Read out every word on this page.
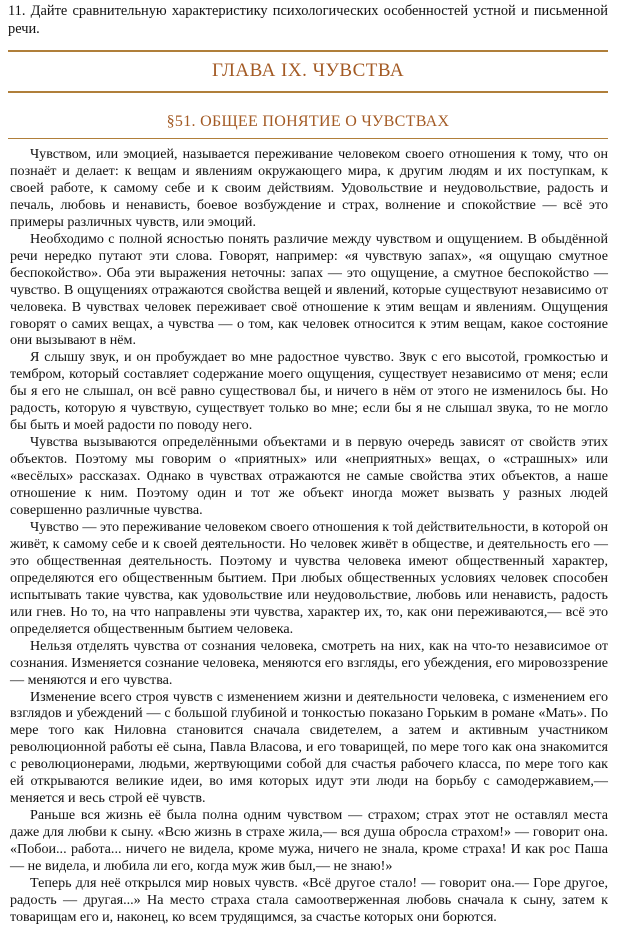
11. Дайте сравнительную характеристику психологических особенностей устной и письменной речи.
ГЛАВА IX. ЧУВСТВА
§51. ОБЩЕЕ ПОНЯТИЕ О ЧУВСТВАХ

Чувством, или эмоцией, называется переживание человеком своего отношения к тому, что он познаёт и делает: к вещам и явлениям окружающего мира, к другим людям и их поступкам, к своей работе, к самому себе и к своим действиям. Удовольствие и неудовольствие, радость и печаль, любовь и ненависть, боевое возбуждение и страх, волнение и спокойствие — всё это примеры различных чувств, или эмоций.

Необходимо с полной ясностью понять различие между чувством и ощущением. В обыдённой речи нередко путают эти слова. Говорят, например: «я чувствую запах», «я ощущаю смутное беспокойство». Оба эти выражения неточны: запах — это ощущение, а смутное беспокойство — чувство. В ощущениях отражаются свойства вещей и явлений, которые существуют независимо от человека. В чувствах человек переживает своё отношение к этим вещам и явлениям. Ощущения говорят о самих вещах, а чувства — о том, как человек относится к этим вещам, какое состояние они вызывают в нём.

Я слышу звук, и он пробуждает во мне радостное чувство. Звук с его высотой, громкостью и тембром, который составляет содержание моего ощущения, существует независимо от меня; если бы я его не слышал, он всё равно существовал бы, и ничего в нём от этого не изменилось бы. Но радость, которую я чувствую, существует только во мне; если бы я не слышал звука, то не могло бы быть и моей радости по поводу него.

Чувства вызываются определёнными объектами и в первую очередь зависят от свойств этих объектов. Поэтому мы говорим о «приятных» или «неприятных» вещах, о «страшных» или «весёлых» рассказах. Однако в чувствах отражаются не самые свойства этих объектов, а наше отношение к ним. Поэтому один и тот же объект иногда может вызвать у разных людей совершенно различные чувства.

Чувство — это переживание человеком своего отношения к той действительности, в которой он живёт, к самому себе и к своей деятельности. Но человек живёт в обществе, и деятельность его — это общественная деятельность. Поэтому и чувства человека имеют общественный характер, определяются его общественным бытием. При любых общественных условиях человек способен испытывать такие чувства, как удовольствие или неудовольствие, любовь или ненависть, радость или гнев. Но то, на что направлены эти чувства, характер их, то, как они переживаются,— всё это определяется общественным бытием человека.

Нельзя отделять чувства от сознания человека, смотреть на них, как на что-то независимое от сознания. Изменяется сознание человека, меняются его взгляды, его убеждения, его мировоззрение — меняются и его чувства.

Изменение всего строя чувств с изменением жизни и деятельности человека, с изменением его взглядов и убеждений — с большой глубиной и тонкостью показано Горьким в романе «Мать». По мере того как Ниловна становится сначала свидетелем, а затем и активным участником революционной работы её сына, Павла Власова, и его товарищей, по мере того как она знакомится с революционерами, людьми, жертвующими собой для счастья рабочего класса, по мере того как ей открываются великие идеи, во имя которых идут эти люди на борьбу с самодержавием,— меняется и весь строй её чувств.

Раньше вся жизнь её была полна одним чувством — страхом; страх этот не оставлял места даже для любви к сыну. «Всю жизнь в страхе жила,— вся душа обросла страхом!» — говорит она. «Побои... работа... ничего не видела, кроме мужа, ничего не знала, кроме страха! И как рос Паша — не видела, и любила ли его, когда муж жив был,— не знаю!»

Теперь для неё открылся мир новых чувств. «Всё другое стало! — говорит она.— Горе другое, радость — другая...» На место страха стала самоотверженная любовь сначала к сыну, затем к товарищам его и, наконец, ко всем трудящимся, за счастье которых они борются.
